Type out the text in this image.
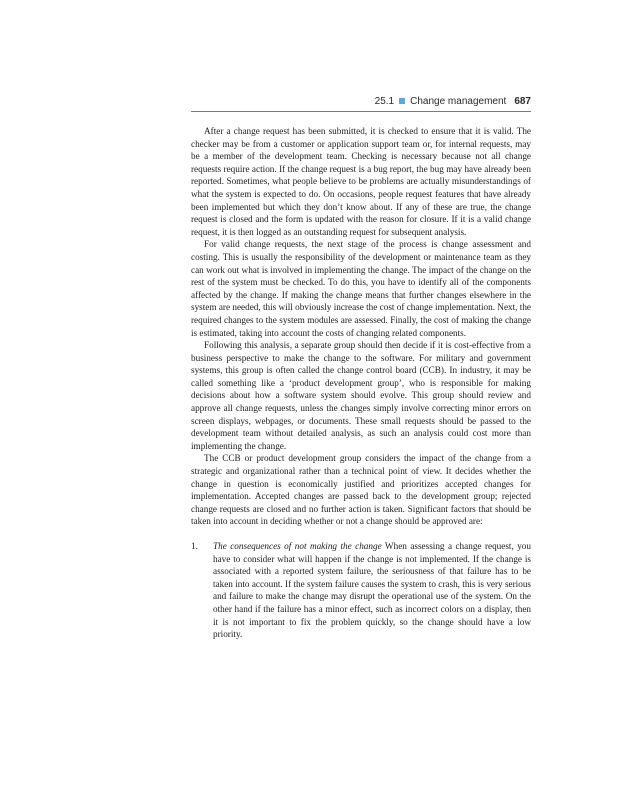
25.1 Change management 687

After a change request has been submitted, it is checked to ensure that it is valid. The checker may be from a customer or application support team or, for internal requests, may be a member of the development team. Checking is necessary because not all change requests require action. If the change request is a bug report, the bug may have already been reported. Sometimes, what people believe to be problems are actually misunderstandings of what the system is expected to do. On occasions, people request features that have already been implemented but which they don’t know about. If any of these are true, the change request is closed and the form is updated with the reason for closure. If it is a valid change request, it is then logged as an outstanding request for subsequent analysis.

For valid change requests, the next stage of the process is change assessment and costing. This is usually the responsibility of the development or maintenance team as they can work out what is involved in implementing the change. The impact of the change on the rest of the system must be checked. To do this, you have to identify all of the components affected by the change. If making the change means that further changes elsewhere in the system are needed, this will obviously increase the cost of change implementation. Next, the required changes to the system modules are assessed. Finally, the cost of making the change is estimated, taking into account the costs of changing related components.

Following this analysis, a separate group should then decide if it is cost-effective from a business perspective to make the change to the software. For military and government systems, this group is often called the change control board (CCB). In industry, it may be called something like a ‘product development group’, who is responsible for making decisions about how a software system should evolve. This group should review and approve all change requests, unless the changes simply involve correcting minor errors on screen displays, webpages, or documents. These small requests should be passed to the development team without detailed analysis, as such an analysis could cost more than implementing the change.

The CCB or product development group considers the impact of the change from a strategic and organizational rather than a technical point of view. It decides whether the change in question is economically justified and prioritizes accepted changes for implementation. Accepted changes are passed back to the development group; rejected change requests are closed and no further action is taken. Significant factors that should be taken into account in deciding whether or not a change should be approved are:

1. The consequences of not making the change When assessing a change request, you have to consider what will happen if the change is not implemented. If the change is associated with a reported system failure, the seriousness of that failure has to be taken into account. If the system failure causes the system to crash, this is very serious and failure to make the change may disrupt the operational use of the system. On the other hand if the failure has a minor effect, such as incorrect colors on a display, then it is not important to fix the problem quickly, so the change should have a low priority.
